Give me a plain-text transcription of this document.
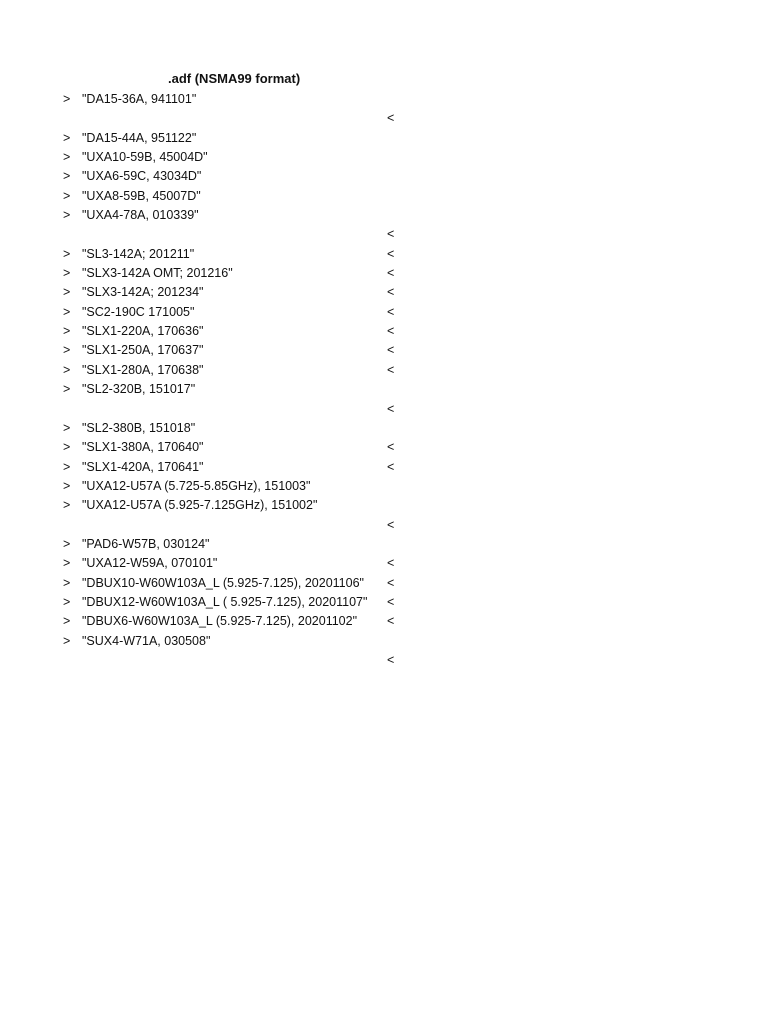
.adf (NSMA99 format)
> "DA15-36A, 941101"
<
> "DA15-44A, 951122"
> "UXA10-59B, 45004D"
> "UXA6-59C, 43034D"
> "UXA8-59B, 45007D"
> "UXA4-78A, 010339"
<
> "SL3-142A; 201211"	<
> "SLX3-142A OMT; 201216"	<
> "SLX3-142A; 201234"	<
> "SC2-190C 171005"	<
> "SLX1-220A, 170636"	<
> "SLX1-250A, 170637"	<
> "SLX1-280A, 170638"	<
> "SL2-320B, 151017"
<
> "SL2-380B, 151018"
> "SLX1-380A, 170640"	<
> "SLX1-420A, 170641"	<
> "UXA12-U57A (5.725-5.85GHz), 151003"
> "UXA12-U57A (5.925-7.125GHz), 151002"
<
> "PAD6-W57B, 030124"
> "UXA12-W59A, 070101"	<
> "DBUX10-W60W103A_L (5.925-7.125), 20201106" <
> "DBUX12-W60W103A_L ( 5.925-7.125), 20201107" <
> "DBUX6-W60W103A_L (5.925-7.125), 20201102" <
> "SUX4-W71A, 030508"
<
